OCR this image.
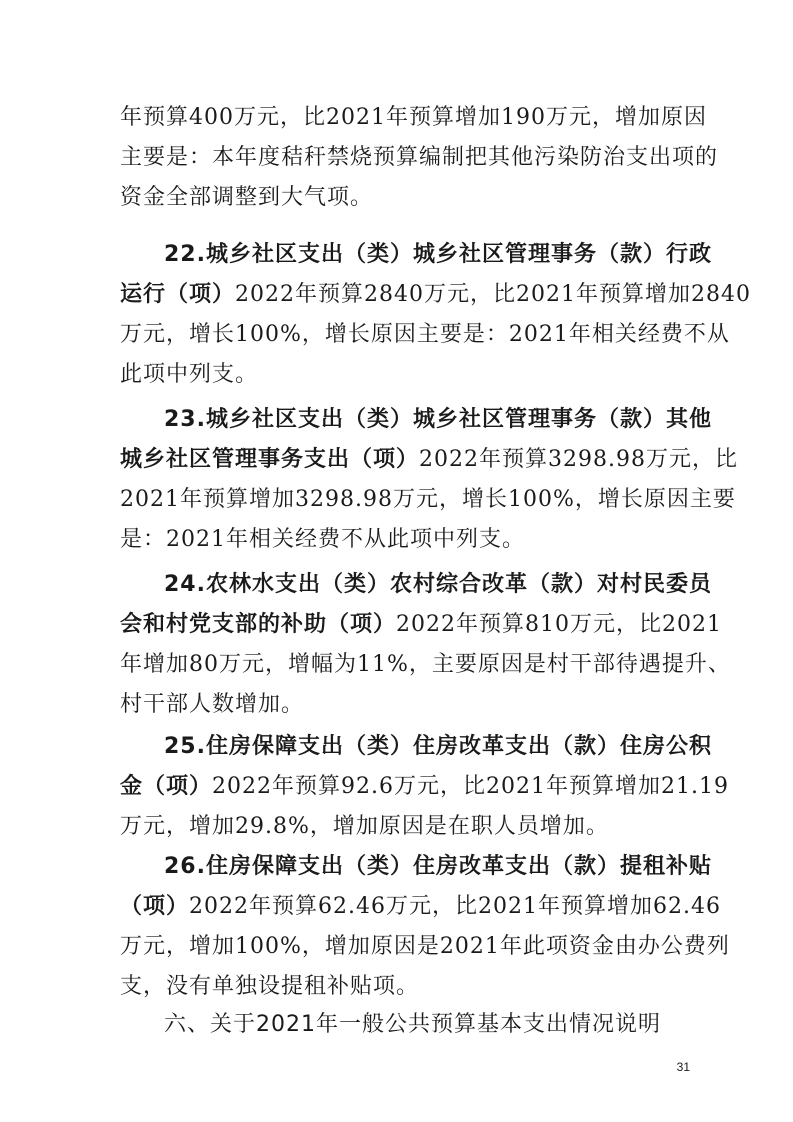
年预算400万元，比2021年预算增加190万元，增加原因
主要是：本年度秸秆禁烧预算编制把其他污染防治支出项的
资金全部调整到大气项。
22.城乡社区支出（类）城乡社区管理事务（款）行政
运行（项）2022年预算2840万元，比2021年预算增加2840
万元，增长100%，增长原因主要是：2021年相关经费不从
此项中列支。
23.城乡社区支出（类）城乡社区管理事务（款）其他
城乡社区管理事务支出（项）2022年预算3298.98万元，比
2021年预算增加3298.98万元，增长100%，增长原因主要
是：2021年相关经费不从此项中列支。
24.农林水支出（类）农村综合改革（款）对村民委员
会和村党支部的补助（项）2022年预算810万元，比2021
年增加80万元，增幅为11%，主要原因是村干部待遇提升、
村干部人数增加。
25.住房保障支出（类）住房改革支出（款）住房公积
金（项）2022年预算92.6万元，比2021年预算增加21.19
万元，增加29.8%，增加原因是在职人员增加。
26.住房保障支出（类）住房改革支出（款）提租补贴
（项）2022年预算62.46万元，比2021年预算增加62.46
万元，增加100%，增加原因是2021年此项资金由办公费列
支，没有单独设提租补贴项。
六、关于2021年一般公共预算基本支出情况说明
31
